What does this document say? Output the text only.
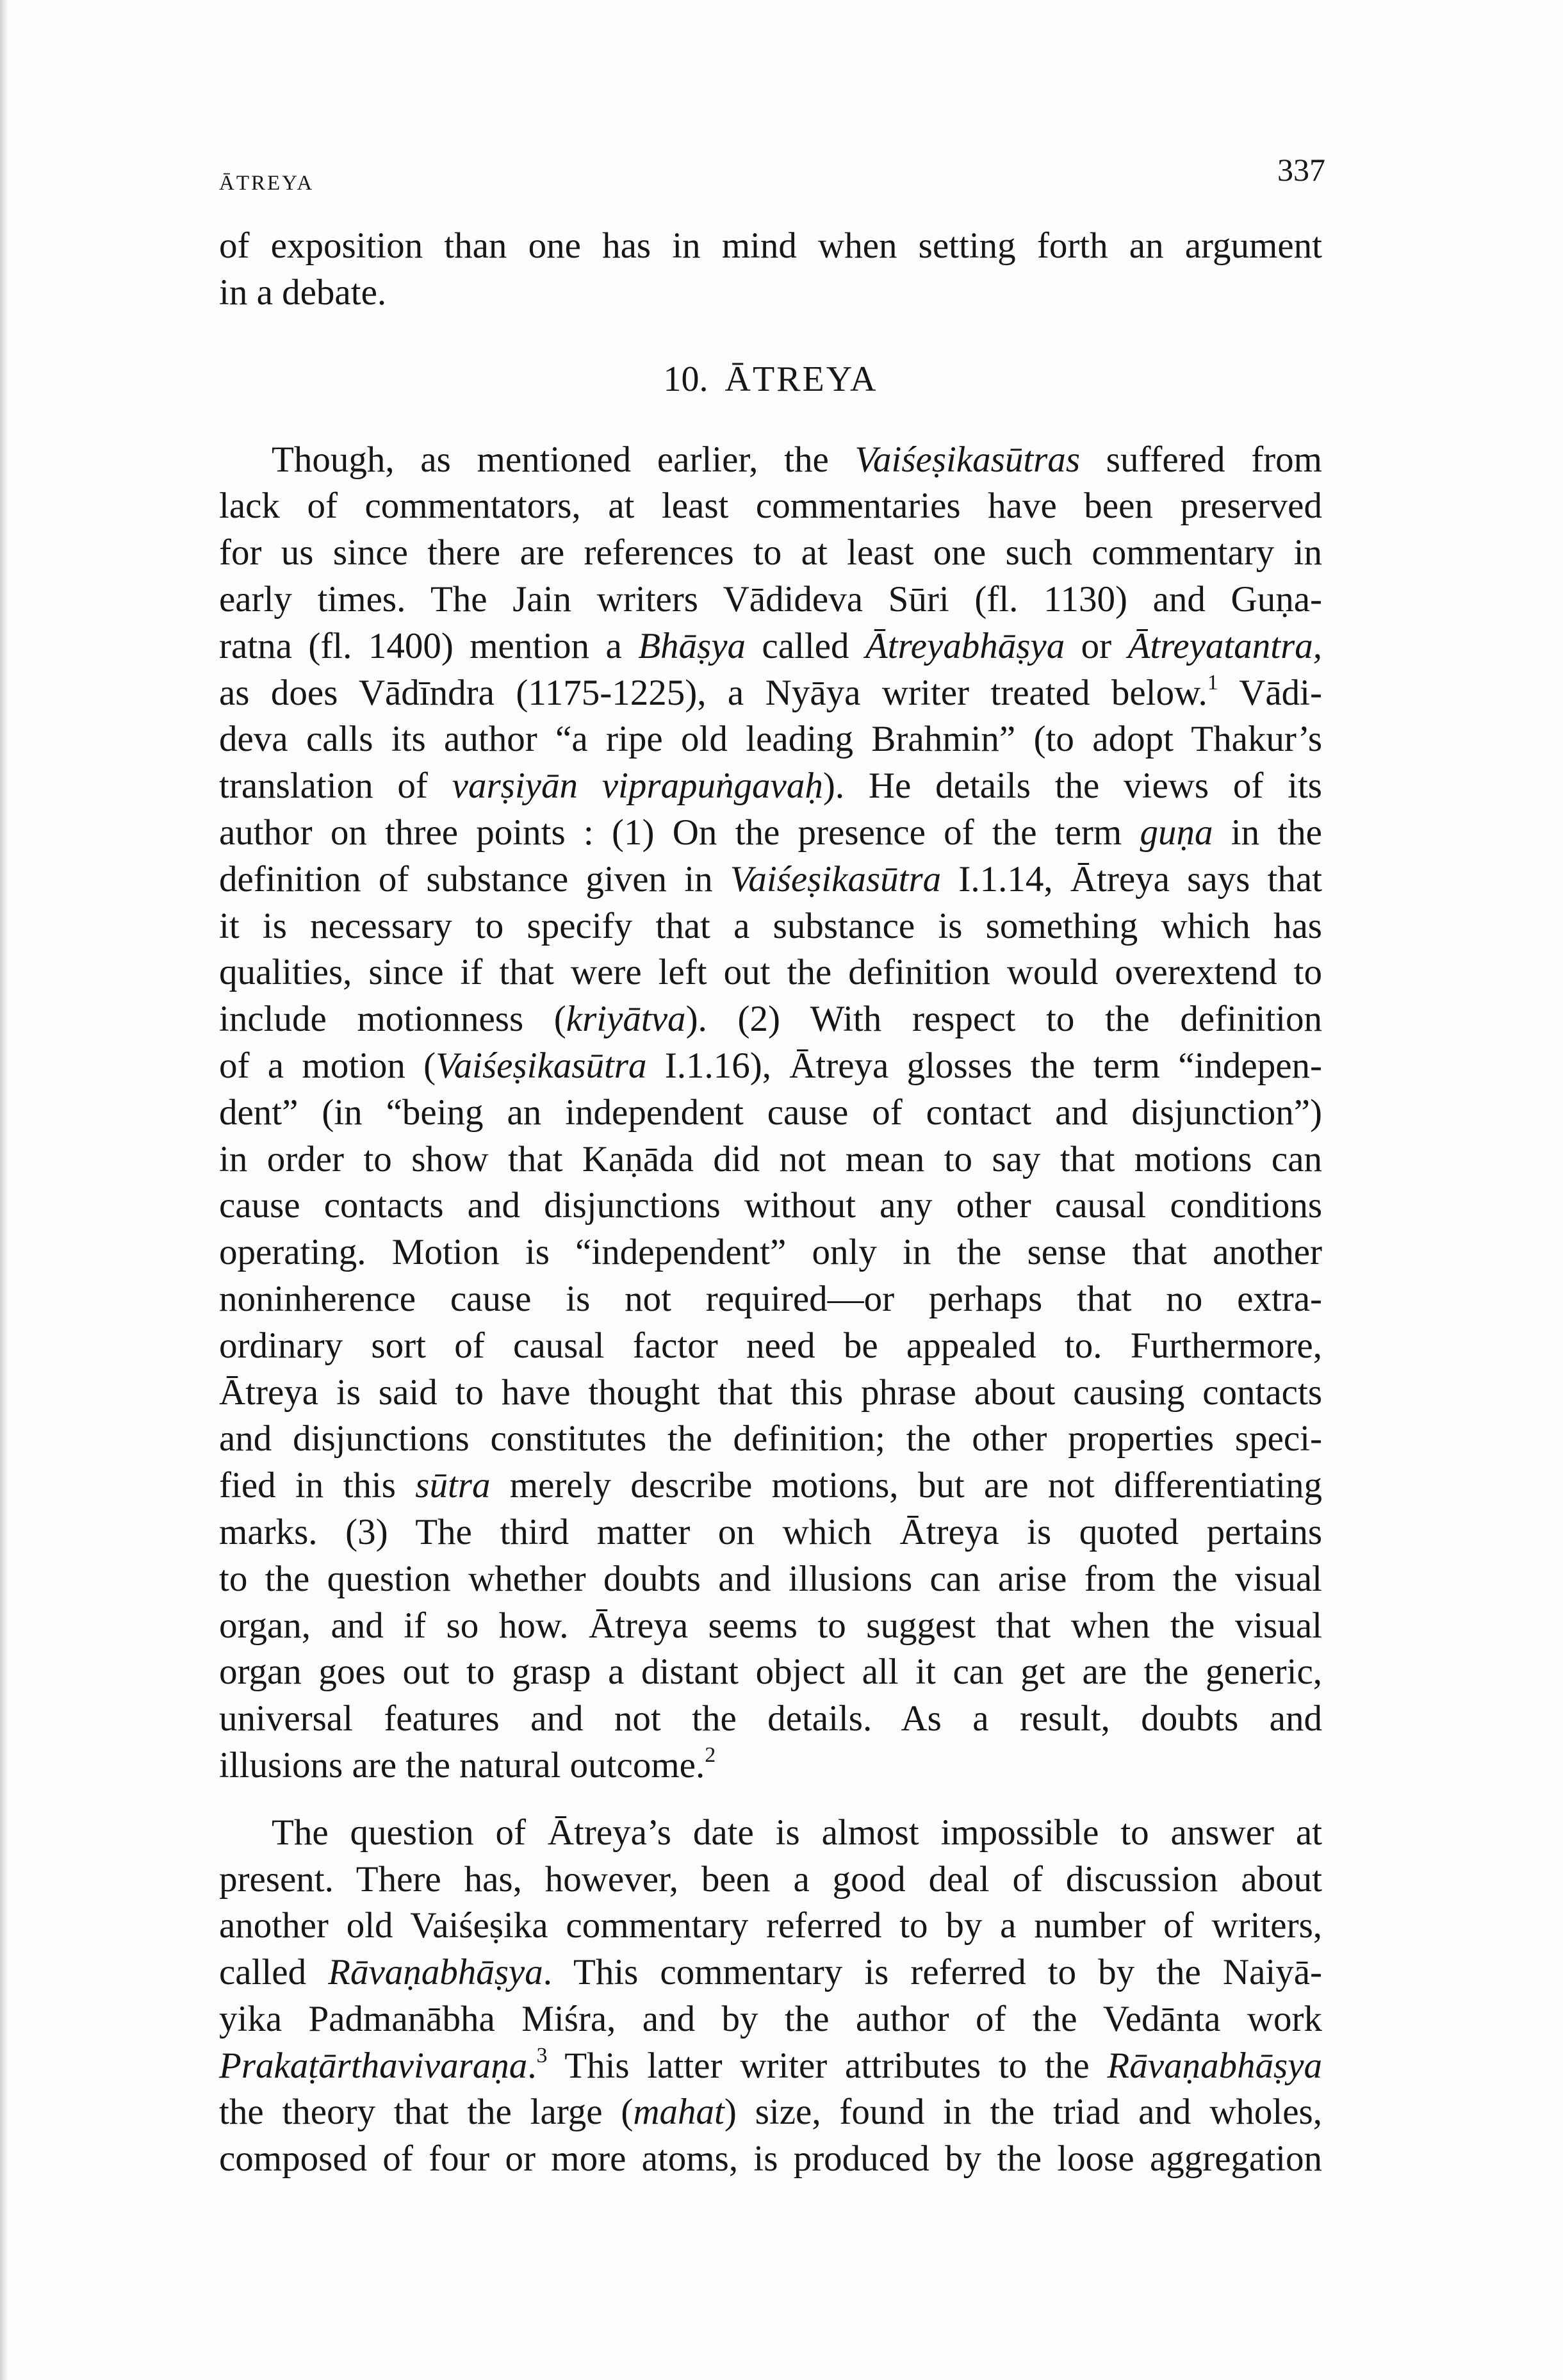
ĀTREYA	337
of exposition than one has in mind when setting forth an argument
in a debate.
10. ĀTREYA
Though, as mentioned earlier, the Vaiśeṣikasūtras suffered from
lack of commentators, at least commentaries have been preserved
for us since there are references to at least one such commentary in
early times. The Jain writers Vādideva Sūri (fl. 1130) and Guṇa-
ratna (fl. 1400) mention a Bhāṣya called Ātreyabhāṣya or Ātreyatantra,
as does Vādīndra (1175-1225), a Nyāya writer treated below.$^1$ Vādi-
deva calls its author “a ripe old leading Brahmin” (to adopt Thakur’s
translation of varṣiyān viprapuṅgavaḥ). He details the views of its
author on three points : (1) On the presence of the term guṇa in the
definition of substance given in Vaiśeṣikasūtra I.1.14, Ātreya says that
it is necessary to specify that a substance is something which has
qualities, since if that were left out the definition would overextend to
include motionness (kriyātva). (2) With respect to the definition
of a motion (Vaiśeṣikasūtra I.1.16), Ātreya glosses the term “indepen-
dent” (in “being an independent cause of contact and disjunction”)
in order to show that Kaṇāda did not mean to say that motions can
cause contacts and disjunctions without any other causal conditions
operating. Motion is “independent” only in the sense that another
noninherence cause is not required—or perhaps that no extra-
ordinary sort of causal factor need be appealed to. Furthermore,
Ātreya is said to have thought that this phrase about causing contacts
and disjunctions constitutes the definition; the other properties speci-
fied in this sūtra merely describe motions, but are not differentiating
marks. (3) The third matter on which Ātreya is quoted pertains
to the question whether doubts and illusions can arise from the visual
organ, and if so how. Ātreya seems to suggest that when the visual
organ goes out to grasp a distant object all it can get are the generic,
universal features and not the details. As a result, doubts and
illusions are the natural outcome.$^2$
The question of Ātreya’s date is almost impossible to answer at
present. There has, however, been a good deal of discussion about
another old Vaiśeṣika commentary referred to by a number of writers,
called Rāvaṇabhāṣya. This commentary is referred to by the Naiyā-
yika Padmanābha Miśra, and by the author of the Vedānta work
Prakaṭārthavivaraṇa.$^3$ This latter writer attributes to the Rāvaṇabhāṣya
the theory that the large (mahat) size, found in the triad and wholes,
composed of four or more atoms, is produced by the loose aggregation
